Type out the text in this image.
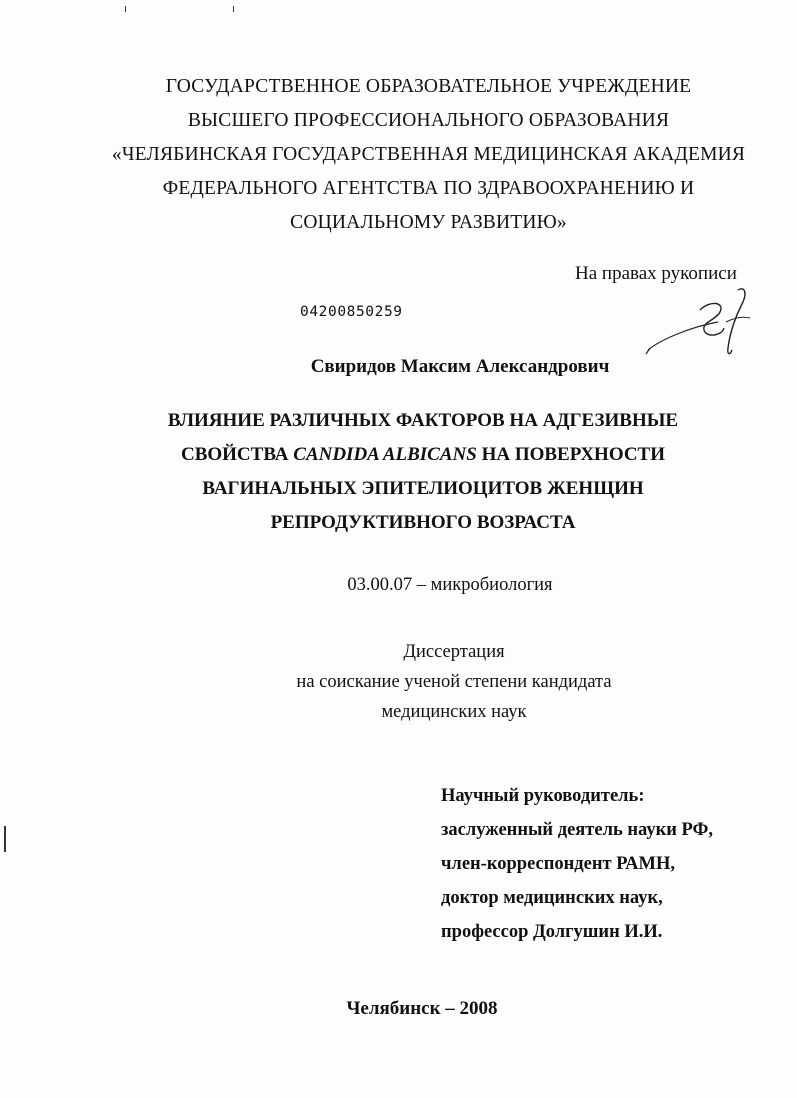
ГОСУДАРСТВЕННОЕ ОБРАЗОВАТЕЛЬНОЕ УЧРЕЖДЕНИЕ
ВЫСШЕГО ПРОФЕССИОНАЛЬНОГО ОБРАЗОВАНИЯ
«ЧЕЛЯБИНСКАЯ ГОСУДАРСТВЕННАЯ МЕДИЦИНСКАЯ АКАДЕМИЯ
ФЕДЕРАЛЬНОГО АГЕНТСТВА ПО ЗДРАВООХРАНЕНИЮ И
СОЦИАЛЬНОМУ РАЗВИТИЮ»
На правах рукописи
04200850259
Свиридов Максим Александрович
ВЛИЯНИЕ РАЗЛИЧНЫХ ФАКТОРОВ НА АДГЕЗИВНЫЕ
СВОЙСТВА CANDIDA ALBICANS НА ПОВЕРХНОСТИ
ВАГИНАЛЬНЫХ ЭПИТЕЛИОЦИТОВ ЖЕНЩИН
РЕПРОДУКТИВНОГО ВОЗРАСТА
03.00.07 – микробиология
Диссертация
на соискание ученой степени кандидата
медицинских наук
Научный руководитель:
заслуженный деятель науки РФ,
член-корреспондент РАМН,
доктор медицинских наук,
профессор Долгушин И.И.
Челябинск – 2008
